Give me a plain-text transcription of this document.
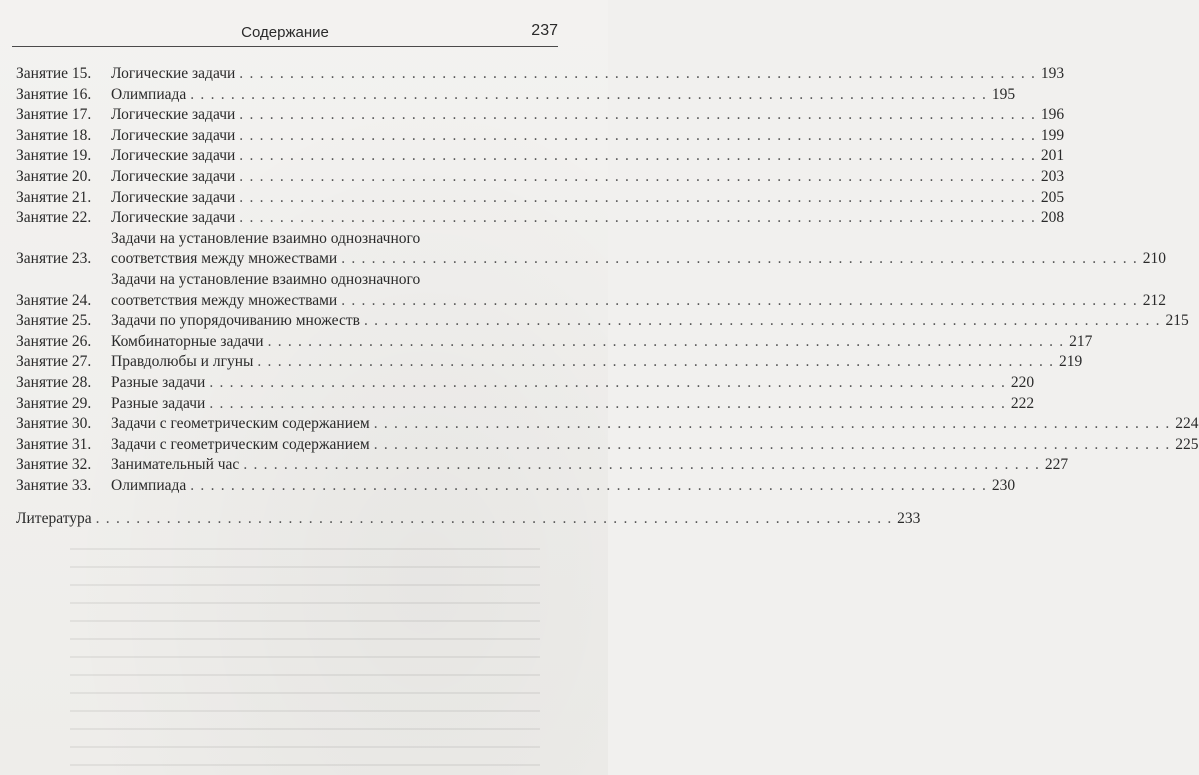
Содержание	237
Занятие 15.	Логические задачи . . .	193
Занятие 16.	Олимпиада . . .	195
Занятие 17.	Логические задачи . . .	196
Занятие 18.	Логические задачи . . .	199
Занятие 19.	Логические задачи . . .	201
Занятие 20.	Логические задачи . . .	203
Занятие 21.	Логические задачи . . .	205
Занятие 22.	Логические задачи . . .	208
Занятие 23.
Задачи на установление взаимно однозначного
соответствия между множествами . . .	210
Занятие 24.
Задачи на установление взаимно однозначного
соответствия между множествами . . .	212
Занятие 25.	Задачи по упорядочиванию множеств . . .	215
Занятие 26.	Комбинаторные задачи . . .	217
Занятие 27.	Правдолюбы и лгуны . . .	219
Занятие 28.	Разные задачи . . .	220
Занятие 29.	Разные задачи . . .	222
Занятие 30.	Задачи с геометрическим содержанием . . .	224
Занятие 31.	Задачи с геометрическим содержанием . . .	225
Занятие 32.	Занимательный час . . .	227
Занятие 33.	Олимпиада . . .	230
Литература . . .	233
